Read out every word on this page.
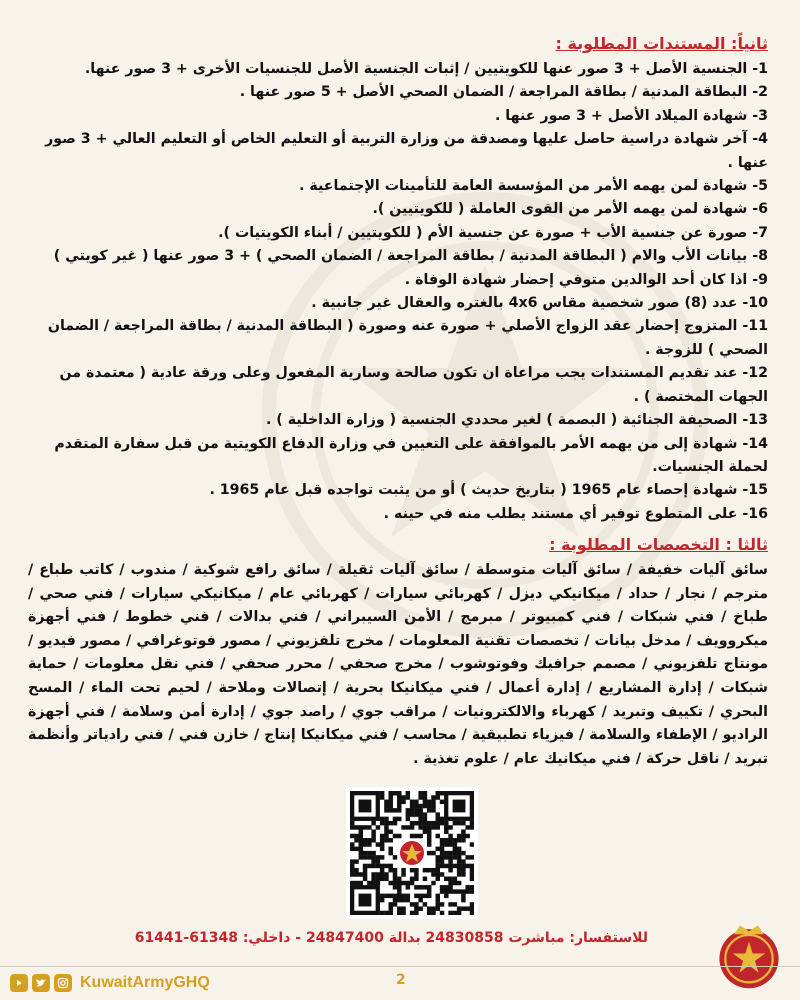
ثانياً: المستندات المطلوبة :
1- الجنسية الأصل + 3 صور عنها للكويتيين / إثبات الجنسية الأصل للجنسيات الأخرى + 3 صور عنها.
2- البطاقة المدنية / بطاقة المراجعة / الضمان الصحي الأصل + 5 صور عنها .
3- شهادة الميلاد الأصل + 3 صور عنها .
4- آخر شهادة دراسية حاصل عليها ومصدقة من وزارة التربية أو التعليم الخاص أو التعليم العالي + 3 صور عنها .
5- شهادة لمن يهمه الأمر من المؤسسة العامة للتأمينات الإجتماعية .
6- شهادة لمن يهمه الأمر من القوى العاملة ( للكويتيين ).
7- صورة عن جنسية الأب + صورة عن جنسية الأم ( للكويتيين / أبناء الكويتيات ).
8- بيانات الأب والام ( البطاقة المدنية / بطاقة المراجعة / الضمان الصحي ) + 3 صور عنها ( غير كويتي )
9- اذا كان أحد الوالدين متوفي إحضار شهادة الوفاة .
10- عدد (8) صور شخصية مقاس 4x6 بالغتره والعقال غير جانبية .
11- المتزوج إحضار عقد الزواج الأصلي + صورة عنه وصورة ( البطاقة المدنية / بطاقة المراجعة / الضمان الصحي ) للزوجة .
12- عند تقديم المستندات يجب مراعاة ان تكون صالحة وسارية المفعول وعلى ورقة عادية ( معتمدة من الجهات المختصة ) .
13- الصحيفة الجنائية ( البصمة ) لغير محددي الجنسية ( وزارة الداخلية ) .
14- شهادة إلى من يهمه الأمر بالموافقة على التعيين في وزارة الدفاع الكويتية من قبل سفارة المتقدم لحملة الجنسيات.
15- شهادة إحصاء عام 1965 ( بتاريخ حديث ) أو من يثبت تواجده قبل عام 1965 .
16- على المتطوع توفير أي مستند يطلب منه في حينه .
ثالثا : التخصصات المطلوبة :

سائق آليات خفيفة / سائق آليات متوسطة / سائق آليات ثقيلة / سائق رافع شوكية / مندوب / كاتب طباع / مترجم / نجار / حداد / ميكانيكي ديزل / كهربائي سيارات / كهربائي عام / ميكانيكي سيارات / فني صحي / طباخ / فني شبكات / فني كمبيوتر / مبرمج / الأمن السيبراني / فني بدالات / فني خطوط / فني أجهزة ميكروويف / مدخل بيانات / تخصصات تقنية المعلومات / مخرج تلفزيوني / مصور فوتوغرافي / مصور فيديو / مونتاج تلفزيوني / مصمم جرافيك وفوتوشوب / مخرج صحفي / محرر صحفي / فني نقل معلومات / حماية شبكات / إدارة المشاريع / إدارة أعمال / فني ميكانيكا بحرية / إتصالات وملاحة / لحيم تحت الماء / المسح البحري / تكييف وتبريد / كهرباء والالكترونيات / مراقب جوي / راصد جوي / إدارة أمن وسلامة / فني أجهزة الراديو / الإطفاء والسلامة / فيزياء تطبيقية / محاسب / فني ميكانيكا إنتاج / خازن فني / فني رادياتر وأنظمة تبريد / ناقل حركة / فني ميكانيك عام / علوم تغذية .

للاستفسار: مباشرت 24830858 بدالة 24847400 - داخلي: 61348-61441
KuwaitArmyGHQ	2
